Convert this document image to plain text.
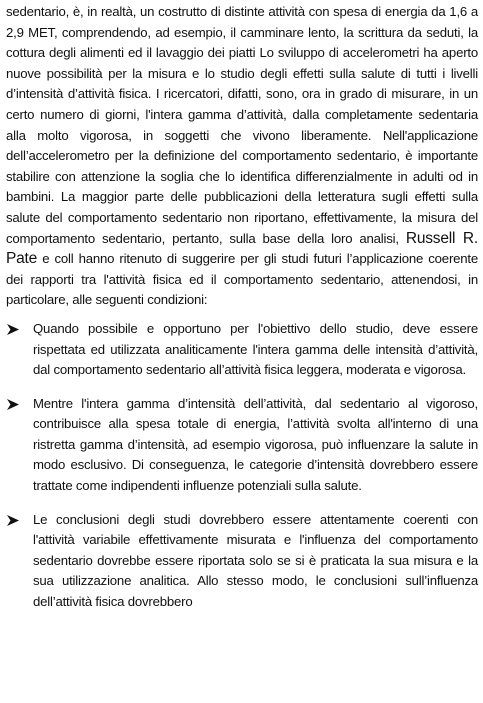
sedentario, è, in realtà, un costrutto di distinte attività con spesa di energia da 1,6 a 2,9 MET, comprendendo, ad esempio, il camminare lento, la scrittura da seduti, la cottura degli alimenti ed il lavaggio dei piatti Lo sviluppo di accelerometri ha aperto nuove possibilità per la misura e lo studio degli effetti sulla salute di tutti i livelli d’intensità d’attività fisica. I ricercatori, difatti, sono, ora in grado di misurare, in un certo numero di giorni, l'intera gamma d’attività, dalla completamente sedentaria alla molto vigorosa, in soggetti che vivono liberamente. Nell'applicazione dell’accelerometro per la definizione del comportamento sedentario, è importante stabilire con attenzione la soglia che lo identifica differenzialmente in adulti od in bambini. La maggior parte delle pubblicazioni della letteratura sugli effetti sulla salute del comportamento sedentario non riportano, effettivamente, la misura del comportamento sedentario, pertanto, sulla base della loro analisi, Russell R. Pate e coll hanno ritenuto di suggerire per gli studi futuri l’applicazione coerente dei rapporti tra l'attività fisica ed il comportamento sedentario, attenendosi, in particolare, alle seguenti condizioni:

Quando possibile e opportuno per l'obiettivo dello studio, deve essere rispettata ed utilizzata analiticamente l'intera gamma delle intensità d’attività, dal comportamento sedentario all’attività fisica leggera, moderata e vigorosa.
Mentre l'intera gamma d’intensità dell’attività, dal sedentario al vigoroso, contribuisce alla spesa totale di energia, l’attività svolta all'interno di una ristretta gamma d’intensità, ad esempio vigorosa, può influenzare la salute in modo esclusivo. Di conseguenza, le categorie d’intensità dovrebbero essere trattate come indipendenti influenze potenziali sulla salute.
Le conclusioni degli studi dovrebbero essere attentamente coerenti con l'attività variabile effettivamente misurata e l'influenza del comportamento sedentario dovrebbe essere riportata solo se si è praticata la sua misura e la sua utilizzazione analitica. Allo stesso modo, le conclusioni sull’influenza dell’attività fisica dovrebbero
